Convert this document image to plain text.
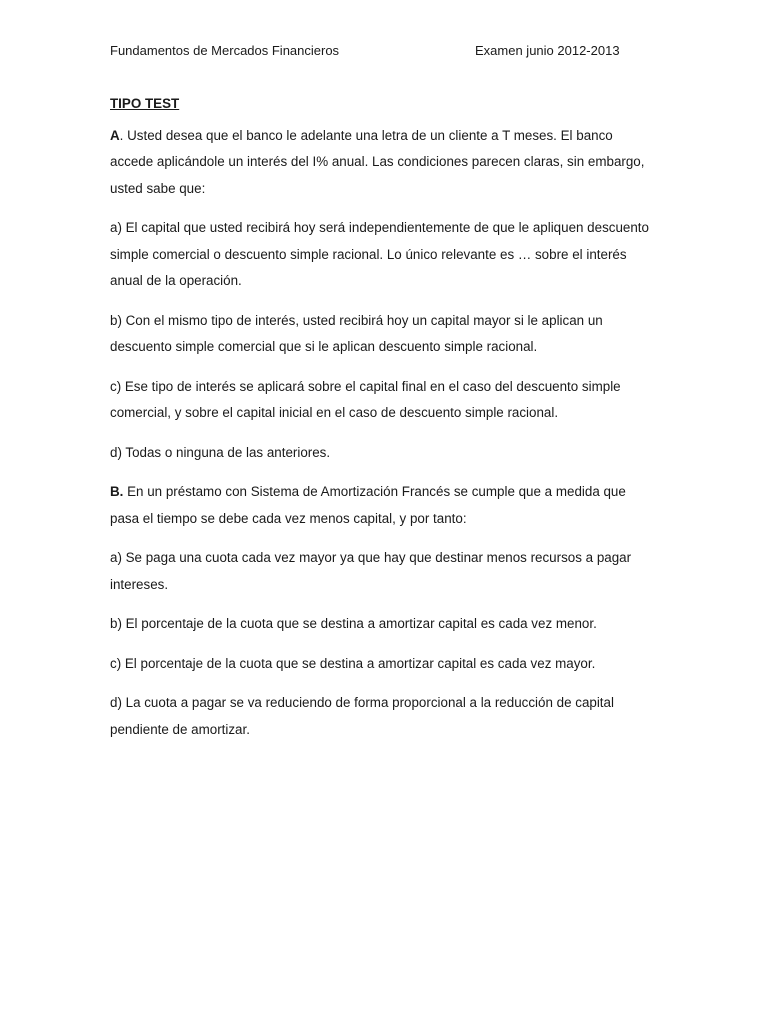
Fundamentos de Mercados Financieros	Examen junio 2012-2013

TIPO TEST

A. Usted desea que el banco le adelante una letra de un cliente a T meses. El banco accede aplicándole un interés del I% anual. Las condiciones parecen claras, sin embargo, usted sabe que:

a) El capital que usted recibirá hoy será independientemente de que le apliquen descuento simple comercial o descuento simple racional. Lo único relevante es … sobre el interés anual de la operación.

b) Con el mismo tipo de interés, usted recibirá hoy un capital mayor si le aplican un descuento simple comercial que si le aplican descuento simple racional.

c) Ese tipo de interés se aplicará sobre el capital final en el caso del descuento simple comercial, y sobre el capital inicial en el caso de descuento simple racional.

d) Todas o ninguna de las anteriores.

B. En un préstamo con Sistema de Amortización Francés se cumple que a medida que pasa el tiempo se debe cada vez menos capital, y por tanto:

a) Se paga una cuota cada vez mayor ya que hay que destinar menos recursos a pagar intereses.

b) El porcentaje de la cuota que se destina a amortizar capital es cada vez menor.

c) El porcentaje de la cuota que se destina a amortizar capital es cada vez mayor.

d) La cuota a pagar se va reduciendo de forma proporcional a la reducción de capital pendiente de amortizar.
